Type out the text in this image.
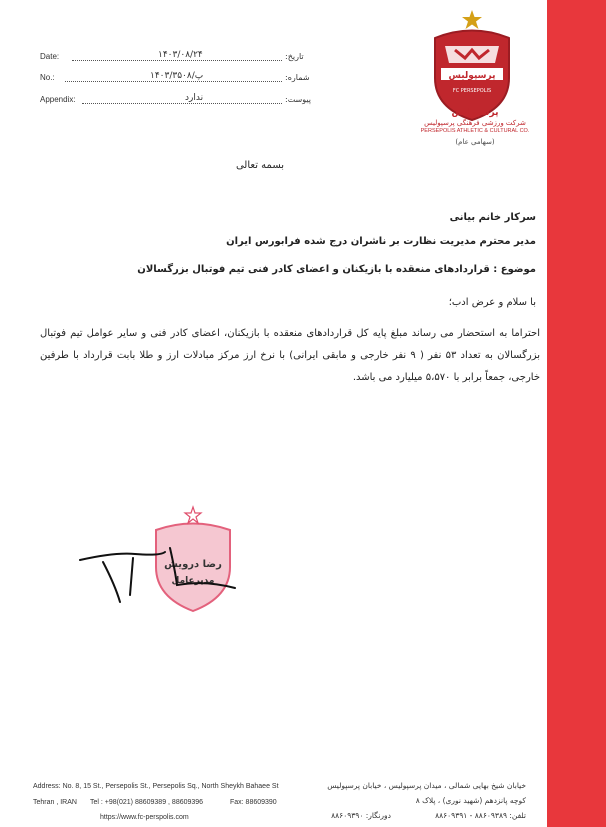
Date:	۱۴۰۳/۰۸/۲۴	تاریخ:
No.:	۱۴۰۳/پ/۳۵۰۸	شماره:
Appendix:	ندارد	پیوست:
پرسپولیس
FC PERSEPOLIS
پرسپولیس
شرکت ورزشی فرهنگی پرسپولیس
PERSEPOLIS ATHLETIC & CULTURAL CO.
(سهامی عام)
بسمه تعالی
سرکار خانم بیانی
مدیر محترم مدیریت نظارت بر ناشران درج شده فرابورس ایران
موضوع : قراردادهای منعقده با بازیکنان و اعضای کادر فنی تیم فوتبال بزرگسالان
با سلام و عرض ادب؛
احتراما به استحضار می رساند مبلغ پایه کل قراردادهای منعقده با بازیکنان، اعضای کادر فنی و سایر عوامل تیم فوتبال بزرگسالان به تعداد ۵۳ نفر ( ۹ نفر خارجی و مابقی ایرانی) با نرخ ارز مرکز مبادلات ارز و طلا بابت قرارداد با طرفین خارجی، جمعاً برابر با ۵،۵۷۰ میلیارد می باشد.
رضا درویش
مدیرعامل
Address: No. 8, 15 St., Persepolis St., Persepolis Sq., North Sheykh Bahaee St
Tehran , IRAN Tel : +98(021) 88609389 , 88609396	Fax: 88609390
https://www.fc-perspolis.com
خیابان شیخ بهایی شمالی ، میدان پرسپولیس ، خیابان پرسپولیس
کوچه پانزدهم (شهید نوری) ، پلاک ۸
تلفن: ۸۸۶۰۹۳۸۹ - ۸۸۶۰۹۳۹۱
دورنگار: ۸۸۶۰۹۳۹۰
